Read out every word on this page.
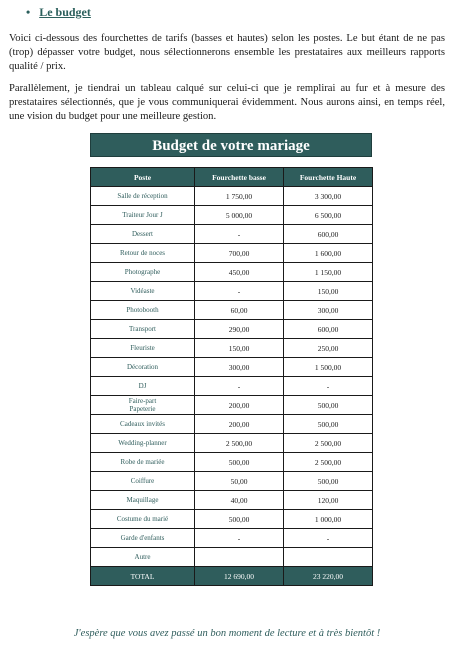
• Le budget
Voici ci-dessous des fourchettes de tarifs (basses et hautes) selon les postes. Le but étant de ne pas (trop) dépasser votre budget, nous sélectionnerons ensemble les prestataires aux meilleurs rapports qualité / prix.
Parallèlement, je tiendrai un tableau calqué sur celui-ci que je remplirai au fur et à mesure des prestataires sélectionnés, que je vous communiquerai évidemment. Nous aurons ainsi, en temps réel, une vision du budget pour une meilleure gestion.
Budget de votre mariage
Poste	Fourchette basse	Fourchette Haute
Salle de réception	1 750,00	3 300,00
Traiteur Jour J	5 000,00	6 500,00
Dessert	-	600,00
Retour de noces	700,00	1 600,00
Photographe	450,00	1 150,00
Vidéaste	-	150,00
Photobooth	60,00	300,00
Transport	290,00	600,00
Fleuriste	150,00	250,00
Décoration	300,00	1 500,00
DJ	-	-
Faire-part
Papeterie	200,00	500,00
Cadeaux invités	200,00	500,00
Wedding-planner	2 500,00	2 500,00
Robe de mariée	500,00	2 500,00
Coiffure	50,00	500,00
Maquillage	40,00	120,00
Costume du marié	500,00	1 000,00
Garde d'enfants	-	-
Autre		
TOTAL	12 690,00	23 220,00
J'espère que vous avez passé un bon moment de lecture et à très bientôt !
